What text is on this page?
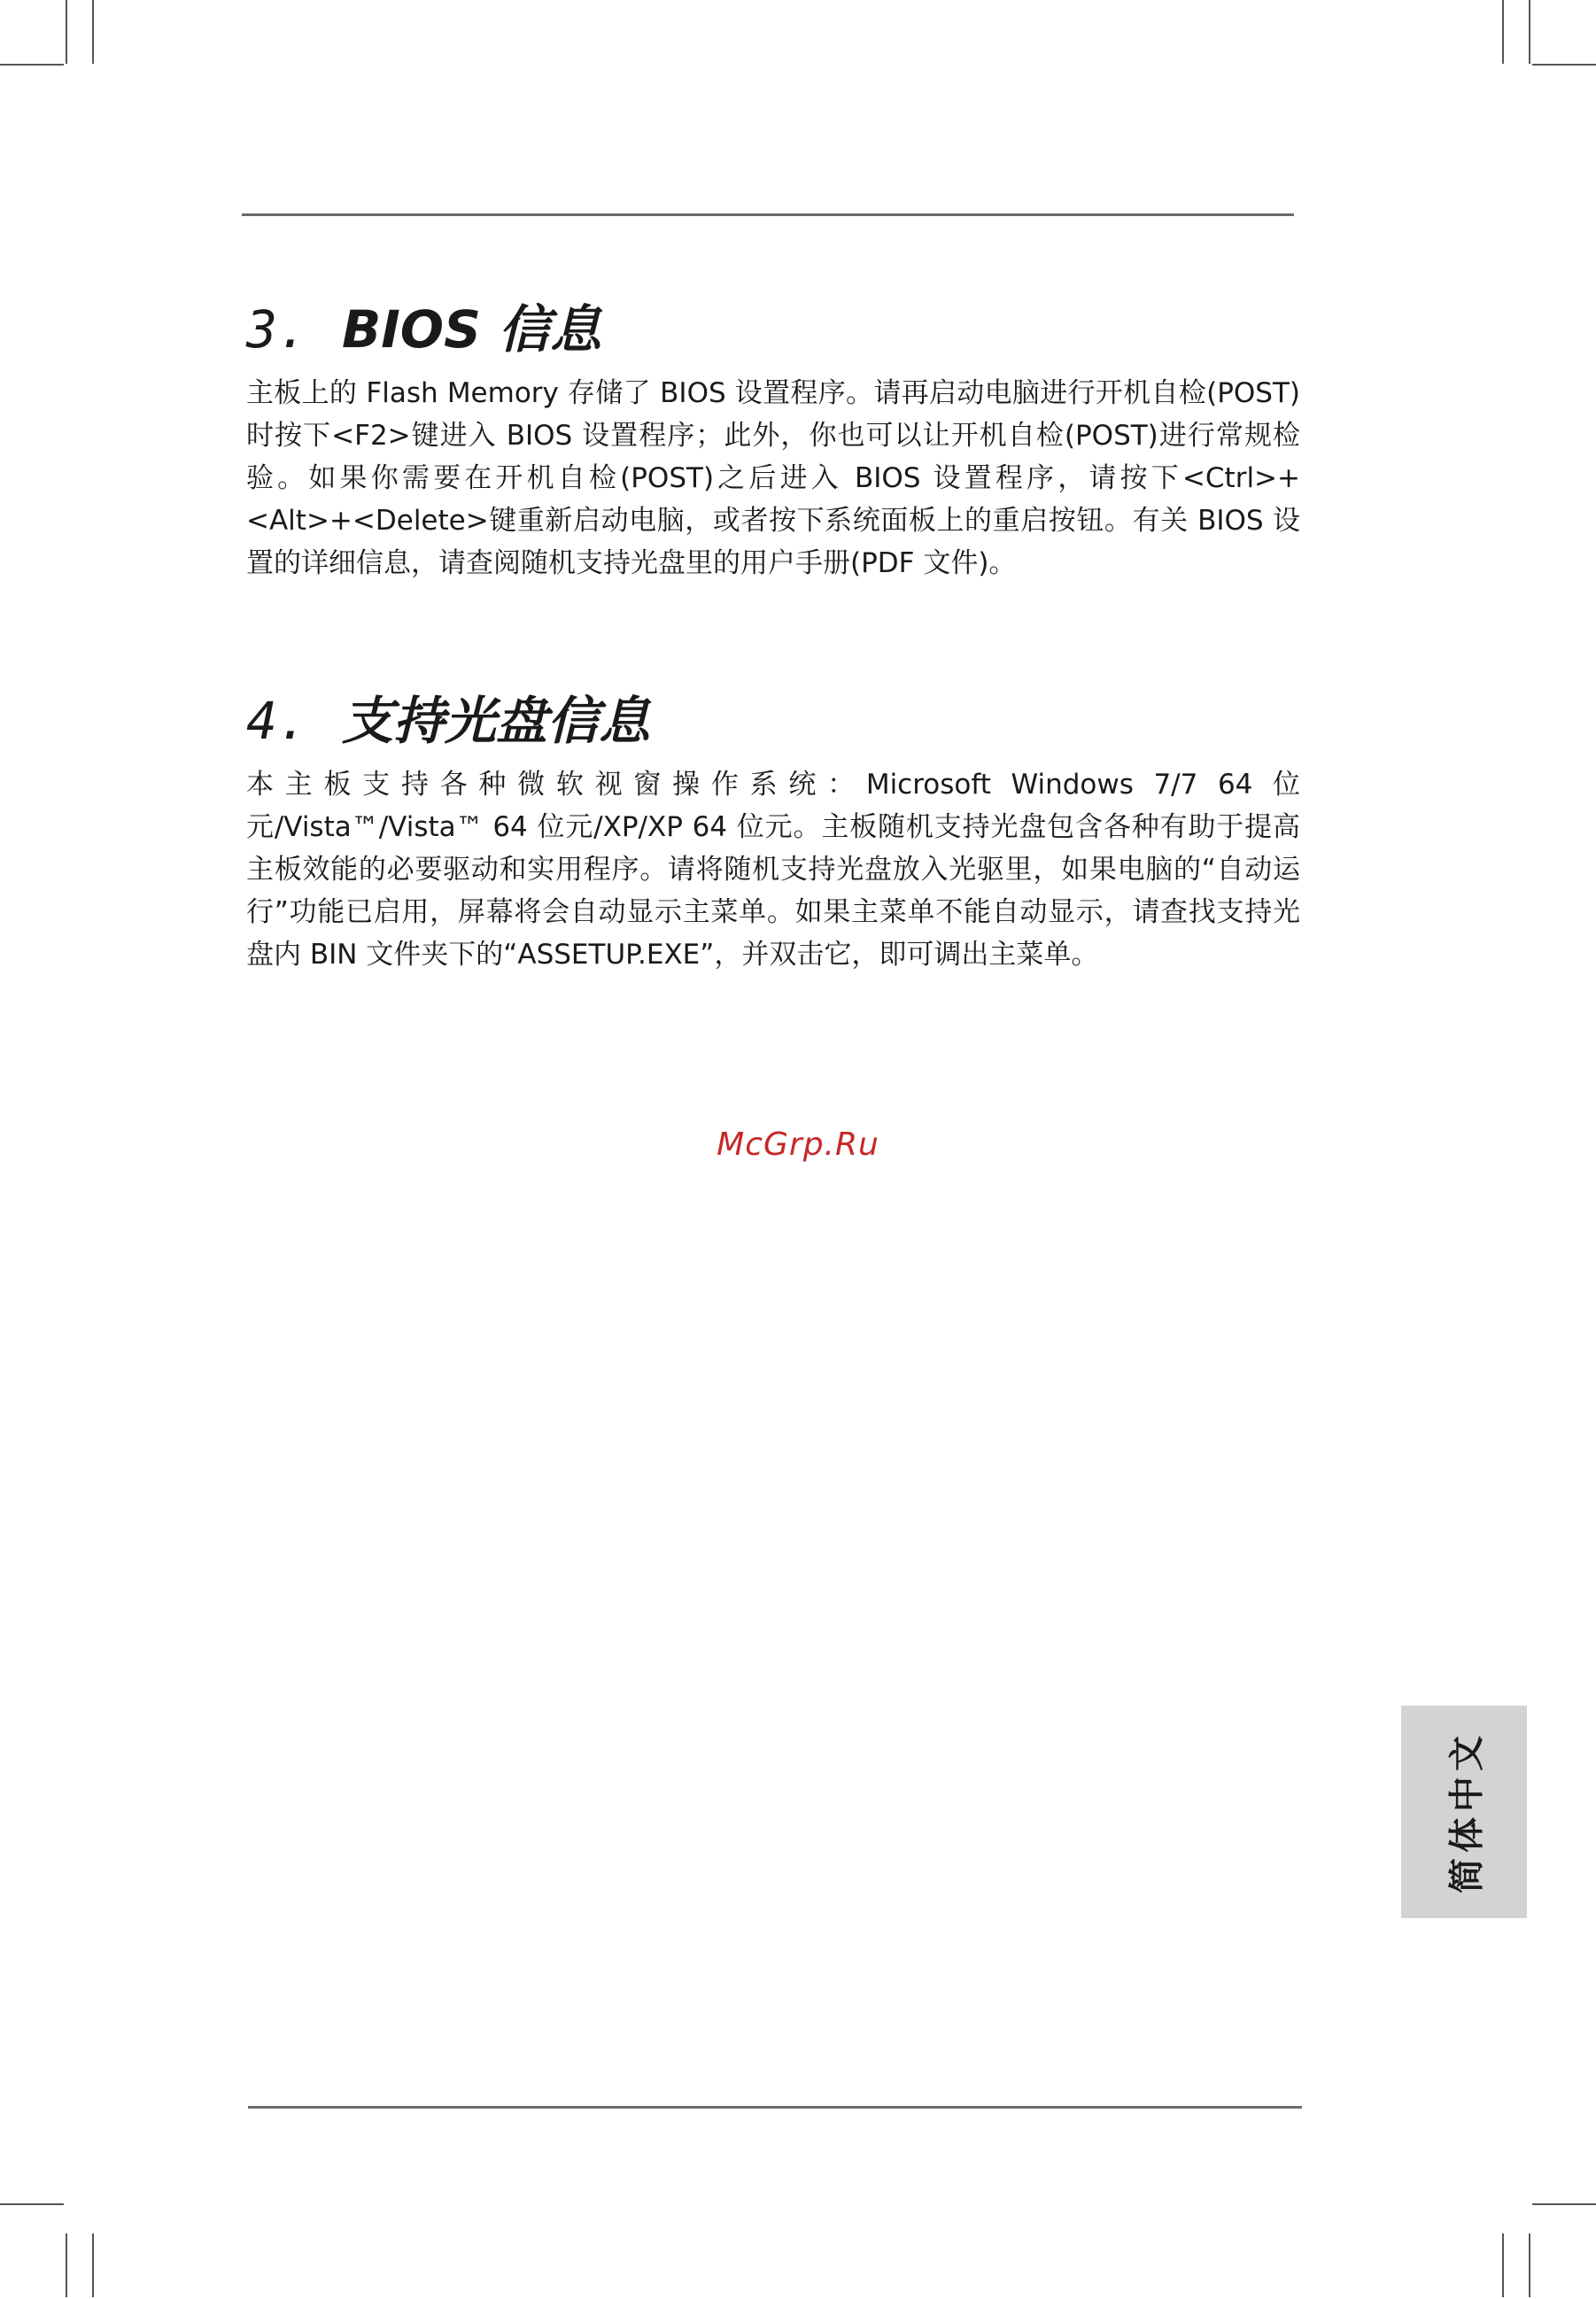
3. BIOS 信息

主板上的 Flash Memory 存储了 BIOS 设置程序。请再启动电脑进行开机自检(POST)时按下<F2>键进入 BIOS 设置程序；此外，你也可以让开机自检(POST)进行常规检验。如果你需要在开机自检(POST)之后进入 BIOS 设置程序，请按下<Ctrl>+<Alt>+<Delete>键重新启动电脑，或者按下系统面板上的重启按钮。有关 BIOS 设置的详细信息，请查阅随机支持光盘里的用户手册(PDF 文件)。

4. 支持光盘信息

本主板支持各种微软视窗操作系统：Microsoft Windows 7/7 64 位元/Vista™/Vista™ 64 位元/XP/XP 64 位元。主板随机支持光盘包含各种有助于提高主板效能的必要驱动和实用程序。请将随机支持光盘放入光驱里，如果电脑的“自动运行”功能已启用，屏幕将会自动显示主菜单。如果主菜单不能自动显示，请查找支持光盘内 BIN 文件夹下的“ASSETUP.EXE”，并双击它，即可调出主菜单。

McGrp.Ru
简体中文
